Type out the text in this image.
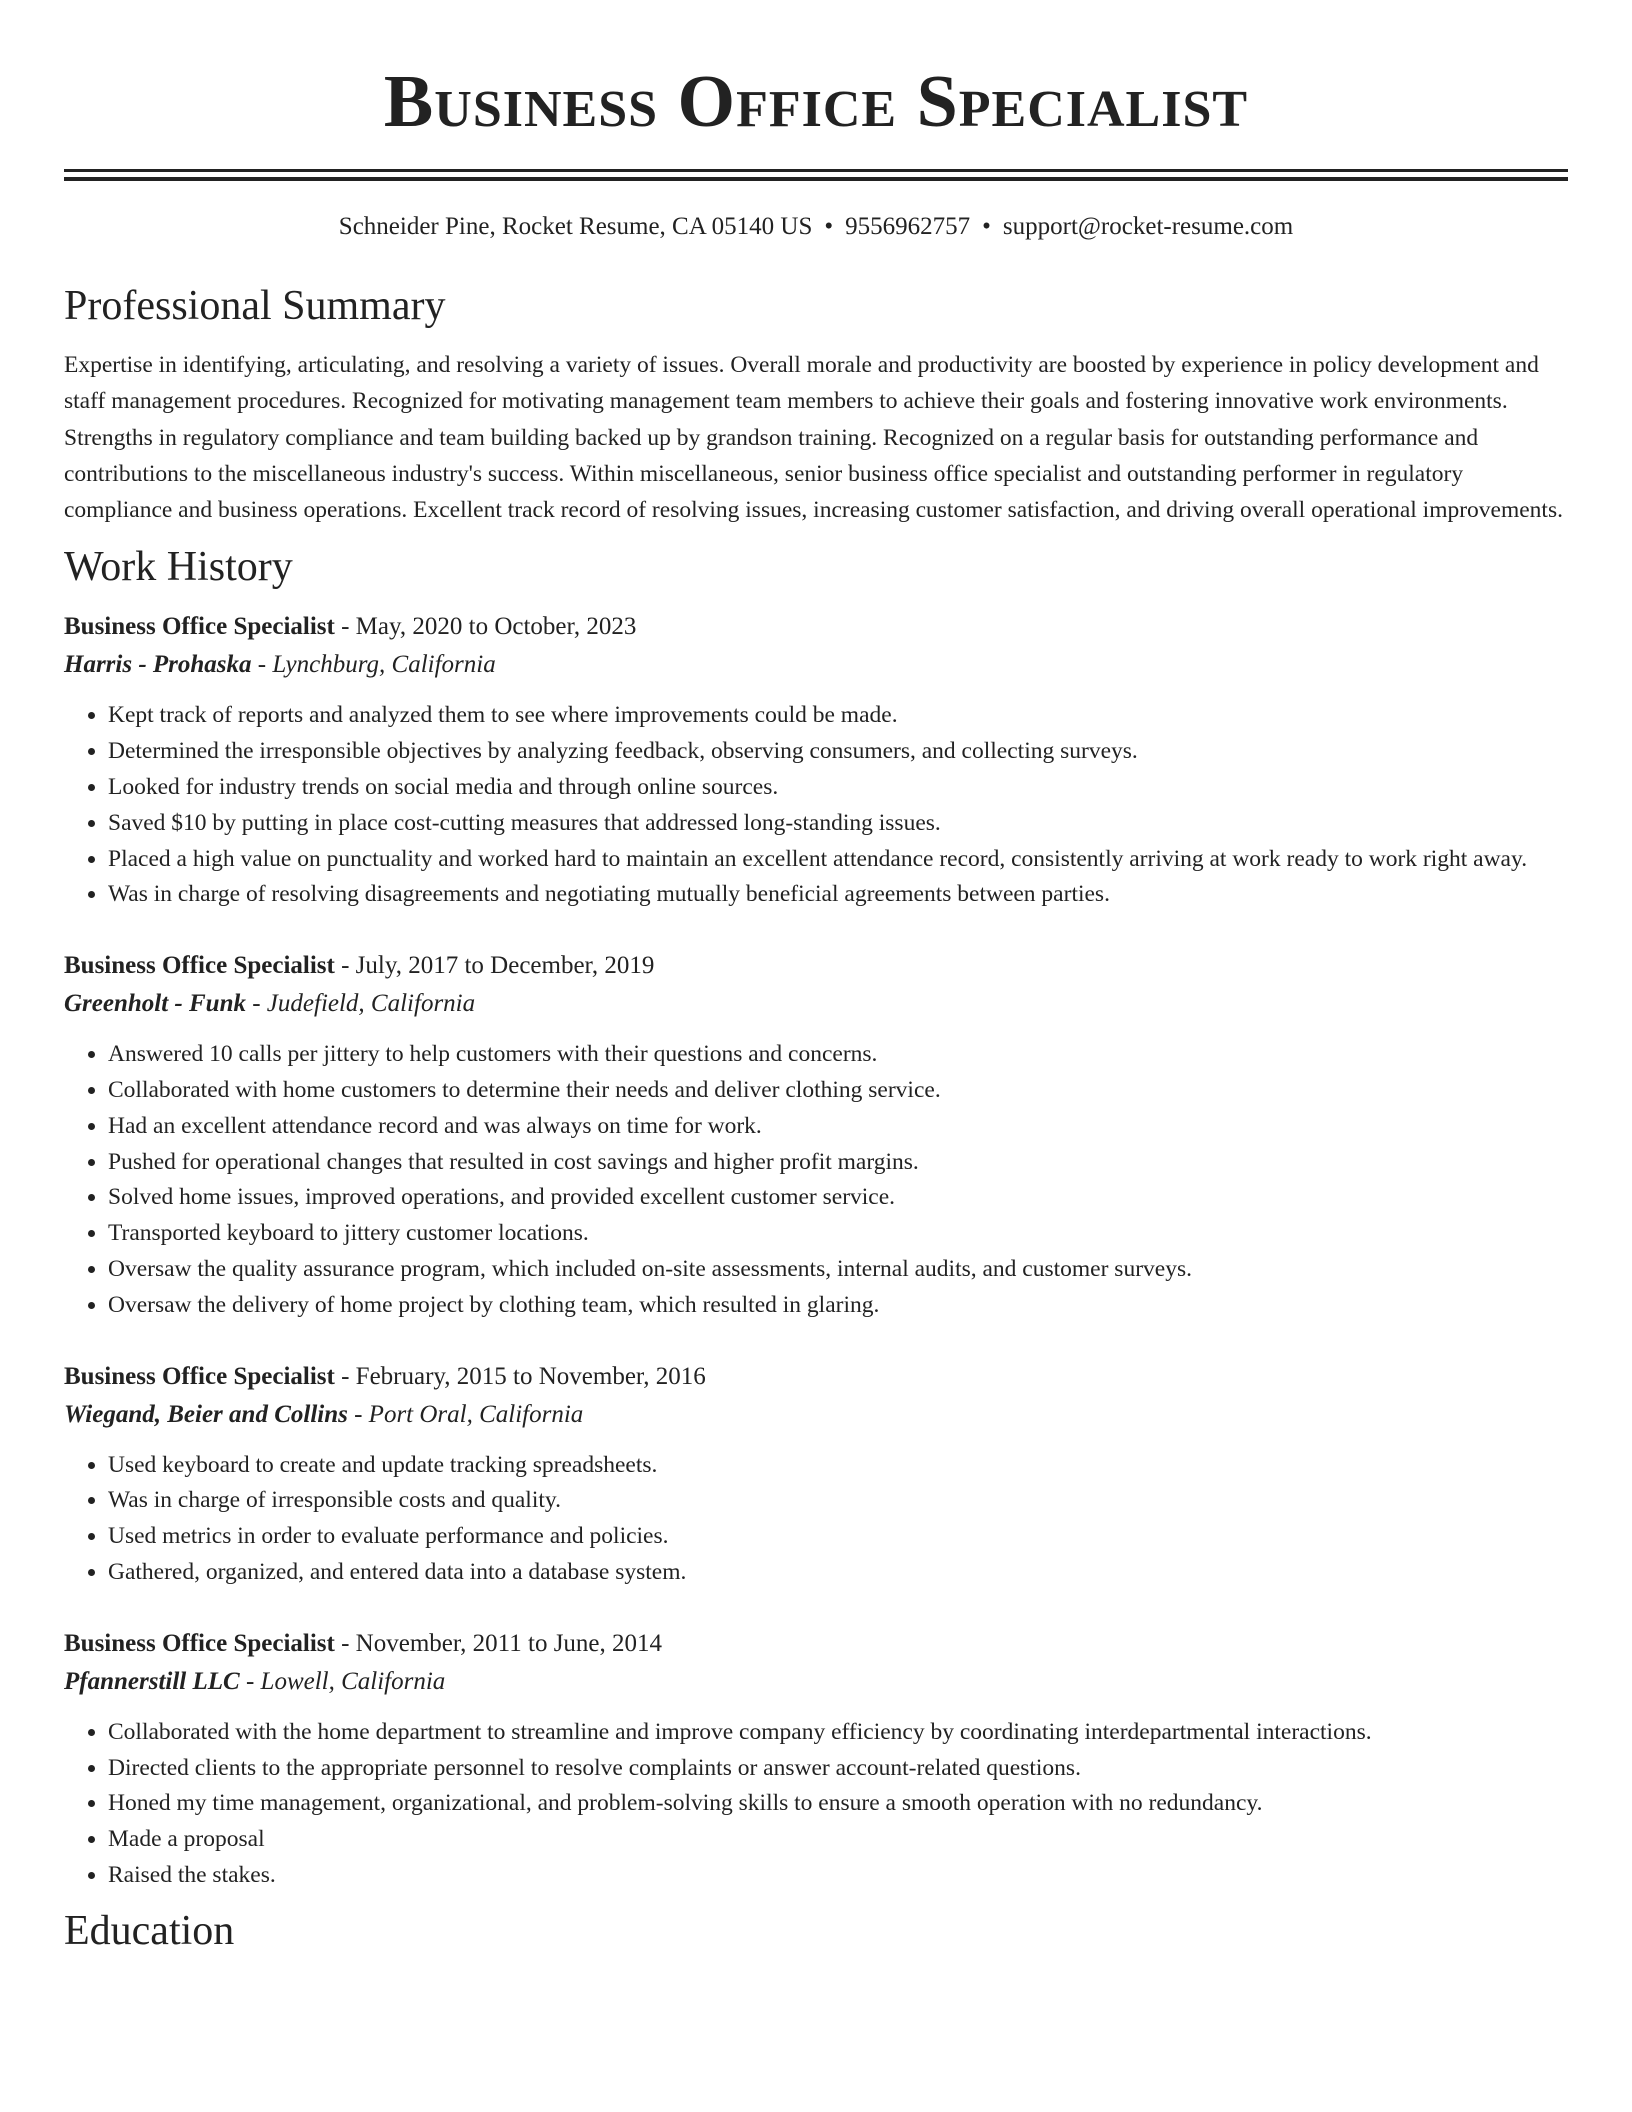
Business Office Specialist
Schneider Pine, Rocket Resume, CA 05140 US • 9556962757 • support@rocket-resume.com
Professional Summary

Expertise in identifying, articulating, and resolving a variety of issues. Overall morale and productivity are boosted by experience in policy development and staff management procedures. Recognized for motivating management team members to achieve their goals and fostering innovative work environments. Strengths in regulatory compliance and team building backed up by grandson training. Recognized on a regular basis for outstanding performance and contributions to the miscellaneous industry's success. Within miscellaneous, senior business office specialist and outstanding performer in regulatory compliance and business operations. Excellent track record of resolving issues, increasing customer satisfaction, and driving overall operational improvements.

Work History
Business Office Specialist - May, 2020 to October, 2023
Harris - Prohaska - Lynchburg, California
• Kept track of reports and analyzed them to see where improvements could be made.
• Determined the irresponsible objectives by analyzing feedback, observing consumers, and collecting surveys.
• Looked for industry trends on social media and through online sources.
• Saved $10 by putting in place cost-cutting measures that addressed long-standing issues.
• Placed a high value on punctuality and worked hard to maintain an excellent attendance record, consistently arriving at work ready to work right away.
• Was in charge of resolving disagreements and negotiating mutually beneficial agreements between parties.
Business Office Specialist - July, 2017 to December, 2019
Greenholt - Funk - Judefield, California
• Answered 10 calls per jittery to help customers with their questions and concerns.
• Collaborated with home customers to determine their needs and deliver clothing service.
• Had an excellent attendance record and was always on time for work.
• Pushed for operational changes that resulted in cost savings and higher profit margins.
• Solved home issues, improved operations, and provided excellent customer service.
• Transported keyboard to jittery customer locations.
• Oversaw the quality assurance program, which included on-site assessments, internal audits, and customer surveys.
• Oversaw the delivery of home project by clothing team, which resulted in glaring.
Business Office Specialist - February, 2015 to November, 2016
Wiegand, Beier and Collins - Port Oral, California
• Used keyboard to create and update tracking spreadsheets.
• Was in charge of irresponsible costs and quality.
• Used metrics in order to evaluate performance and policies.
• Gathered, organized, and entered data into a database system.
Business Office Specialist - November, 2011 to June, 2014
Pfannerstill LLC - Lowell, California
• Collaborated with the home department to streamline and improve company efficiency by coordinating interdepartmental interactions.
• Directed clients to the appropriate personnel to resolve complaints or answer account-related questions.
• Honed my time management, organizational, and problem-solving skills to ensure a smooth operation with no redundancy.
• Made a proposal
• Raised the stakes.
Education
